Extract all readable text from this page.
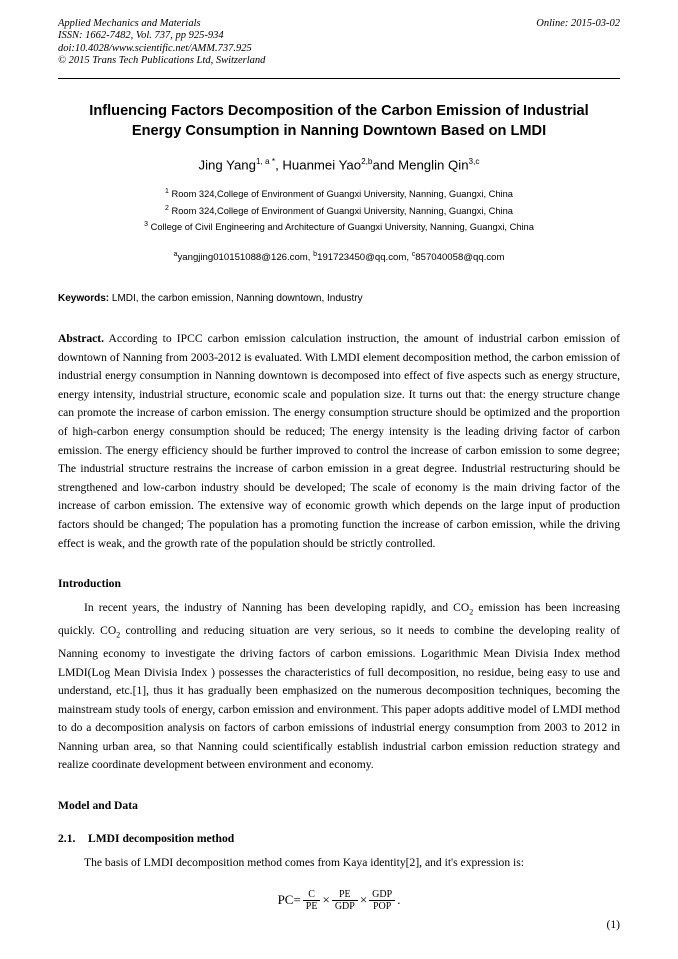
Applied Mechanics and Materials
ISSN: 1662-7482, Vol. 737, pp 925-934
doi:10.4028/www.scientific.net/AMM.737.925
© 2015 Trans Tech Publications Ltd, Switzerland
Online: 2015-03-02
Influencing Factors Decomposition of the Carbon Emission of Industrial Energy Consumption in Nanning Downtown Based on LMDI
Jing Yang$^{1, a *}$, Huanmei Yao$^{2,b}$and Menglin Qin$^{3,c}$
$^1$ Room 324,College of Environment of Guangxi University, Nanning, Guangxi, China
$^2$ Room 324,College of Environment of Guangxi University, Nanning, Guangxi, China
$^3$ College of Civil Engineering and Architecture of Guangxi University, Nanning, Guangxi, China
$^a$yangjing010151088@126.com, $^b$191723450@qq.com, $^c$857040058@qq.com
Keywords: LMDI, the carbon emission, Nanning downtown, Industry
Abstract. According to IPCC carbon emission calculation instruction, the amount of industrial carbon emission of downtown of Nanning from 2003-2012 is evaluated. With LMDI element decomposition method, the carbon emission of industrial energy consumption in Nanning downtown is decomposed into effect of five aspects such as energy structure, energy intensity, industrial structure, economic scale and population size. It turns out that: the energy structure change can promote the increase of carbon emission. The energy consumption structure should be optimized and the proportion of high-carbon energy consumption should be reduced; The energy intensity is the leading driving factor of carbon emission. The energy efficiency should be further improved to control the increase of carbon emission to some degree; The industrial structure restrains the increase of carbon emission in a great degree. Industrial restructuring should be strengthened and low-carbon industry should be developed; The scale of economy is the main driving factor of the increase of carbon emission. The extensive way of economic growth which depends on the large input of production factors should be changed; The population has a promoting function the increase of carbon emission, while the driving effect is weak, and the growth rate of the population should be strictly controlled.
Introduction
In recent years, the industry of Nanning has been developing rapidly, and $CO_2$ emission has been increasing quickly. $CO_2$ controlling and reducing situation are very serious, so it needs to combine the developing reality of Nanning economy to investigate the driving factors of carbon emissions. Logarithmic Mean Divisia Index method LMDI(Log Mean Divisia Index ) possesses the characteristics of full decomposition, no residue, being easy to use and understand, etc.[1], thus it has gradually been emphasized on the numerous decomposition techniques, becoming the mainstream study tools of energy, carbon emission and environment. This paper adopts additive model of LMDI method to do a decomposition analysis on factors of carbon emissions of industrial energy consumption from 2003 to 2012 in Nanning urban area, so that Nanning could scientifically establish industrial carbon emission reduction strategy and realize coordinate development between environment and economy.
Model and Data
2.1. LMDI decomposition method
The basis of LMDI decomposition method comes from Kaya identity[2], and it's expression is:
$PC= \frac{C}{PE} \times \frac{PE}{\text{GDP}} \times \frac{\text{GDP}}{\text{POP}}$ .
(1)
